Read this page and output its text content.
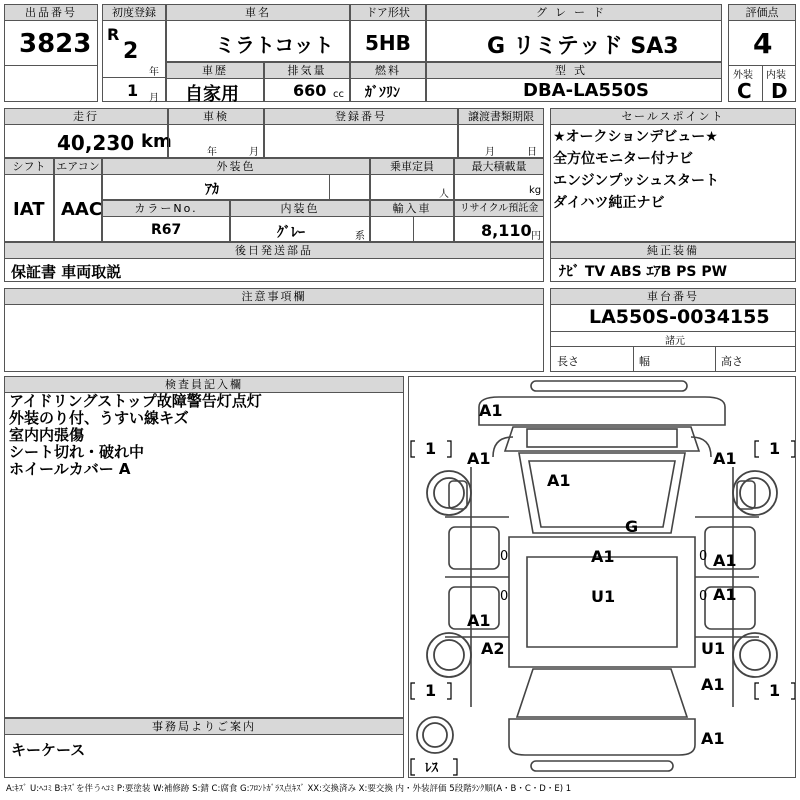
出品番号
3823
初度登録
R
2
年
1 月
車名
ミラトコット
ドア形状
5HB
グレード
G リミテッド SA3
評価点
4
外装 内装
C D
車歴
自家用
排気量
660 cc
燃料
ｶﾞｿﾘﾝ
型式
DBA-LA550S
走行
40,230 km
車検
年	月
登録番号	譲渡書類期限
月	日
シフト
IAT
エアコン
AAC
外装色
ｱｶ
乗車定員
人
最大積載量
kg
カラーNo.
R67
内装色
ｸﾞﾚｰ	系
輸入車	リサイクル預託金
8,110 円
後日発送部品
保証書 車両取説
セールスポイント
★オークションデビュー★
全方位モニター付ナビ
エンジンプッシュスタート
ダイハツ純正ナビ
純正装備
ﾅﾋﾞ TV ABS ｴｱB PS PW
注意事項欄	車台番号
LA550S-0034155
諸元
長さ	幅	高さ
検査員記入欄
アイドリングストップ故障警告灯点灯
外装のり付、うすい線キズ
室内内張傷
シート切れ・破れ中
ホイールカバー A
事務局よりご案内
キーケース
A1
A1	A1
A1
G
A1	A1
U1
A1
A1
A2	U1
A1
A1
1	1
1	1
ﾚｽ
0	0
0	0
A:ｷｽﾞ U:ﾍｺﾐ B:ｷｽﾞを伴うﾍｺﾐ P:要塗装 W:補修跡 S:錆 C:腐食 G:ﾌﾛﾝﾄｶﾞﾗｽ点ｷｽﾞ XX:交換済み X:要交換 内・外装評価 5段階ﾗﾝｸ順(A・B・C・D・E) 1
